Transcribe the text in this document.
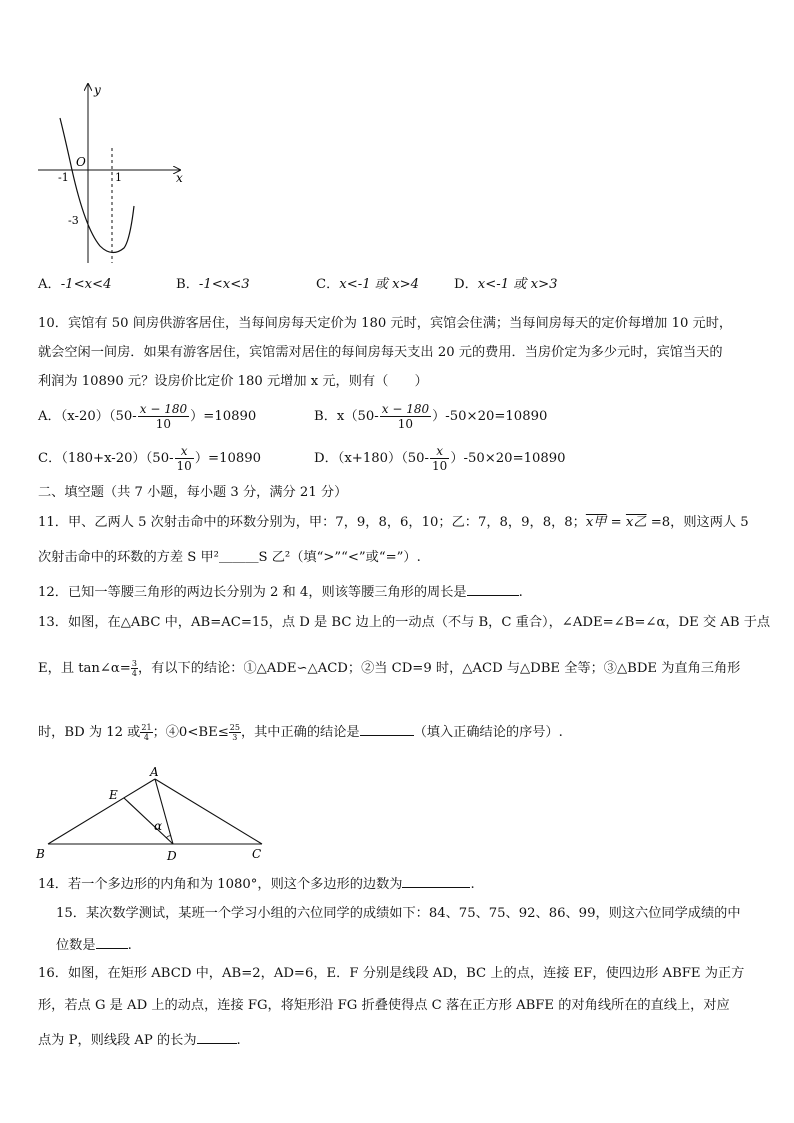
y
x
O
-1	1
-3
A．-1<x<4	B．-1<x<3	C．x<-1 或 x>4	D．x<-1 或 x>3
10．宾馆有 50 间房供游客居住，当每间房每天定价为 180 元时，宾馆会住满；当每间房每天的定价每增加 10 元时，
就会空闲一间房．如果有游客居住，宾馆需对居住的每间房每天支出 20 元的费用．当房价定为多少元时，宾馆当天的
利润为 10890 元？设房价比定价 180 元增加 x 元，则有（　　）
A．$(x-20)(50- \frac{x - 180}{10} )=10890$	B．$x(50- \frac{x - 180}{10} )-50\times 20=10890$
C．$(180+x-20)(50- \frac{x}{10} )=10890$	D．$(x+180)(50- \frac{x}{10} )-50\times 20=10890$
二、填空题（共 7 小题，每小题 3 分，满分 21 分）
11．甲、乙两人 5 次射击命中的环数分别为，甲：7，9，8，6，10；乙：7，8，9，8，8；x甲 = x乙 =8，则这两人 5
次射击命中的环数的方差 S 甲²＿＿＿S 乙²（填“>”“<”或“=”）.
12．已知一等腰三角形的两边长分别为 2 和 4，则该等腰三角形的周长是	.
13．如图，在△ABC 中，AB=AC=15，点 D 是 BC 边上的一动点（不与 B，C 重合），∠ADE=∠B=∠α，DE 交 AB 于点
E，且 tan∠α= $\frac{3}{4}$ ，有以下的结论：①△ADE∽△ACD；②当 CD=9 时，△ACD 与△DBE 全等；③△BDE 为直角三角形
时，BD 为 12 或 $\frac{21}{4}$ ；④0<BE≤ $\frac{25}{3}$ ，其中正确的结论是	（填入正确结论的序号）.
A
B	C
D
E
α
14．若一个多边形的内角和为 1080°，则这个多边形的边数为	.
15．某次数学测试，某班一个学习小组的六位同学的成绩如下：84、75、75、92、86、99，则这六位同学成绩的中
位数是 .
16．如图，在矩形 ABCD 中，AB=2，AD=6，E．F 分别是线段 AD，BC 上的点，连接 EF，使四边形 ABFE 为正方
形，若点 G 是 AD 上的动点，连接 FG，将矩形沿 FG 折叠使得点 C 落在正方形 ABFE 的对角线所在的直线上，对应
点为 P，则线段 AP 的长为	.
